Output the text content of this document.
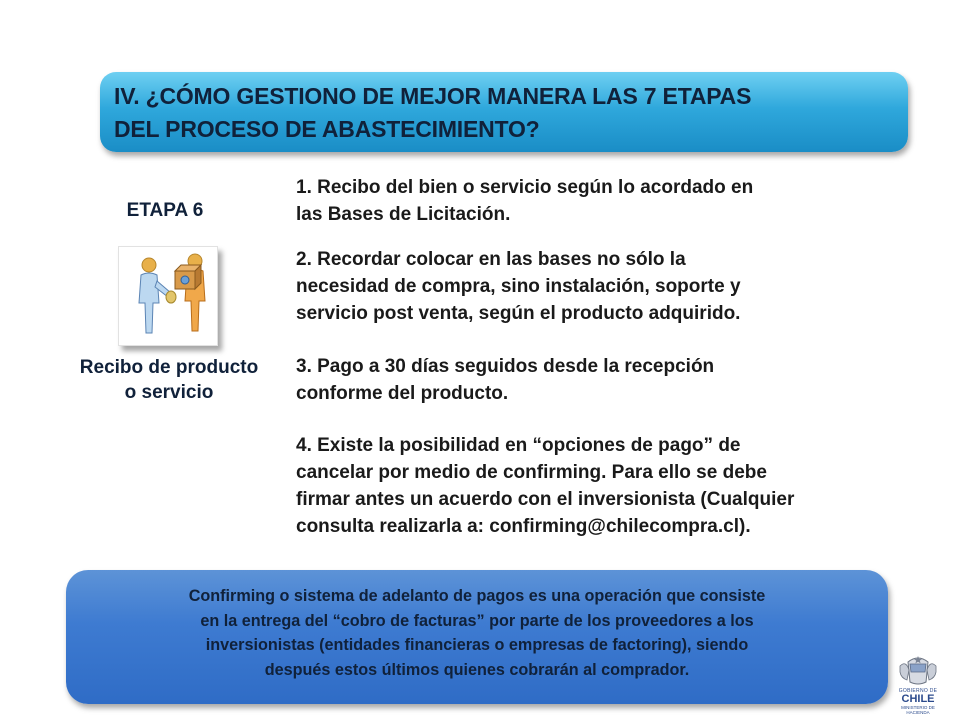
IV. ¿CÓMO GESTIONO DE MEJOR MANERA LAS 7 ETAPAS
DEL PROCESO DE ABASTECIMIENTO?
ETAPA 6
Recibo de producto
o servicio
1. Recibo del bien o servicio según lo acordado en
las Bases de Licitación.
2. Recordar colocar en las bases no sólo la
necesidad de compra, sino instalación, soporte y
servicio post venta, según el producto adquirido.
3. Pago a 30 días seguidos desde la recepción
conforme del producto.
4. Existe la posibilidad en “opciones de pago” de
cancelar por medio de confirming. Para ello se debe
firmar antes un acuerdo con el inversionista (Cualquier
consulta realizarla a: confirming@chilecompra.cl).
Confirming o sistema de adelanto de pagos es una operación que consiste
en la entrega del “cobro de facturas” por parte de los proveedores a los
inversionistas (entidades financieras o empresas de factoring), siendo
después estos últimos quienes cobrarán al comprador.
GOBIERNO DE
CHILE
MINISTERIO DE HACIENDA
